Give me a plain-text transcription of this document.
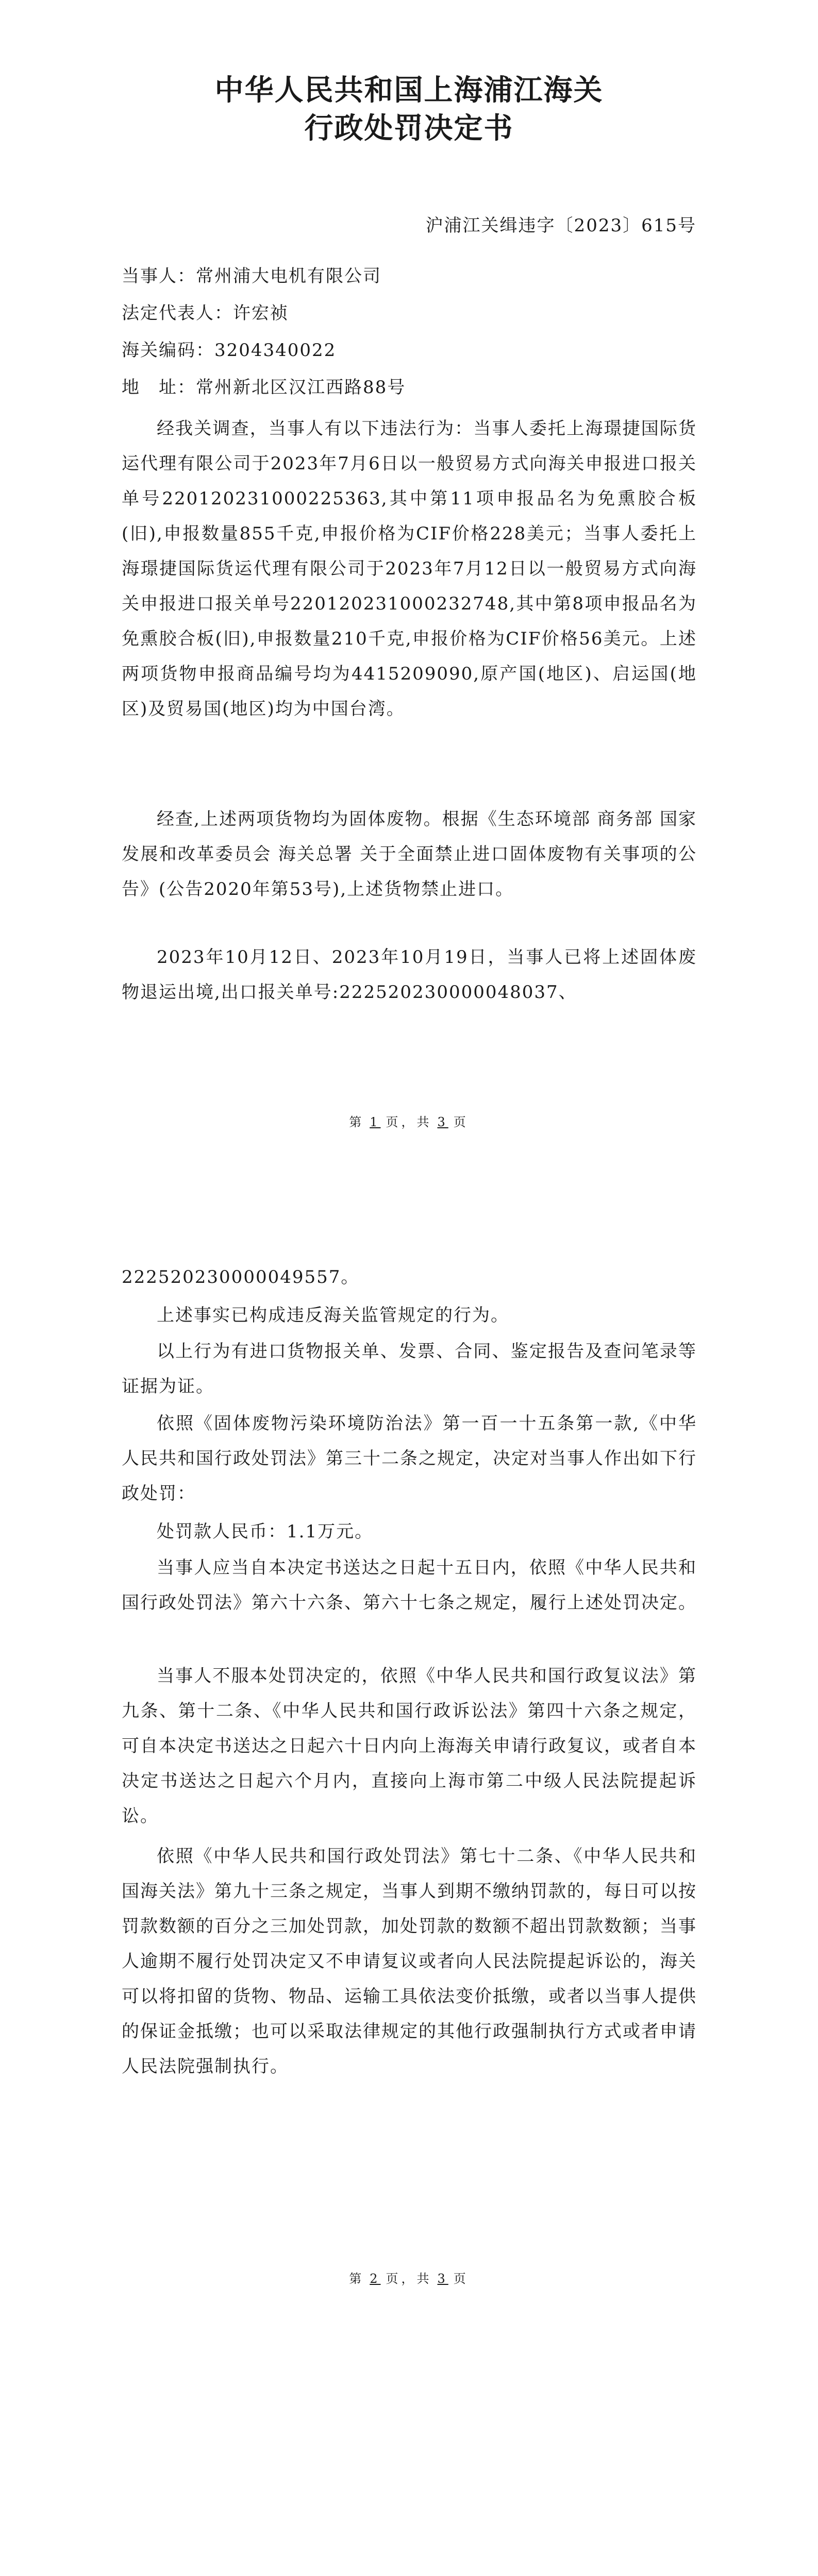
中华人民共和国上海浦江海关
行政处罚决定书
沪浦江关缉违字〔2023〕615号
当事人：常州浦大电机有限公司
法定代表人：许宏祯
海关编码：3204340022
地　址：常州新北区汉江西路88号

经我关调查，当事人有以下违法行为：当事人委托上海璟捷国际货运代理有限公司于2023年7月6日以一般贸易方式向海关申报进口报关单号220120231000225363,其中第11项申报品名为免熏胶合板(旧),申报数量855千克,申报价格为CIF价格228美元；当事人委托上海璟捷国际货运代理有限公司于2023年7月12日以一般贸易方式向海关申报进口报关单号220120231000232748,其中第8项申报品名为免熏胶合板(旧),申报数量210千克,申报价格为CIF价格56美元。上述两项货物申报商品编号均为4415209090,原产国(地区)、启运国(地区)及贸易国(地区)均为中国台湾。

经查,上述两项货物均为固体废物。根据《生态环境部 商务部 国家发展和改革委员会 海关总署 关于全面禁止进口固体废物有关事项的公告》(公告2020年第53号),上述货物禁止进口。

2023年10月12日、2023年10月19日，当事人已将上述固体废物退运出境,出口报关单号:222520230000048037、

第 1 页，共 3 页

222520230000049557。

上述事实已构成违反海关监管规定的行为。

以上行为有进口货物报关单、发票、合同、鉴定报告及查问笔录等证据为证。

依照《固体废物污染环境防治法》第一百一十五条第一款,《中华人民共和国行政处罚法》第三十二条之规定，决定对当事人作出如下行政处罚：

处罚款人民币：1.1万元。

当事人应当自本决定书送达之日起十五日内，依照《中华人民共和国行政处罚法》第六十六条、第六十七条之规定，履行上述处罚决定。

当事人不服本处罚决定的，依照《中华人民共和国行政复议法》第九条、第十二条、《中华人民共和国行政诉讼法》第四十六条之规定，可自本决定书送达之日起六十日内向上海海关申请行政复议，或者自本决定书送达之日起六个月内，直接向上海市第二中级人民法院提起诉讼。

依照《中华人民共和国行政处罚法》第七十二条、《中华人民共和国海关法》第九十三条之规定，当事人到期不缴纳罚款的，每日可以按罚款数额的百分之三加处罚款，加处罚款的数额不超出罚款数额；当事人逾期不履行处罚决定又不申请复议或者向人民法院提起诉讼的，海关可以将扣留的货物、物品、运输工具依法变价抵缴，或者以当事人提供的保证金抵缴；也可以采取法律规定的其他行政强制执行方式或者申请人民法院强制执行。

第 2 页，共 3 页
